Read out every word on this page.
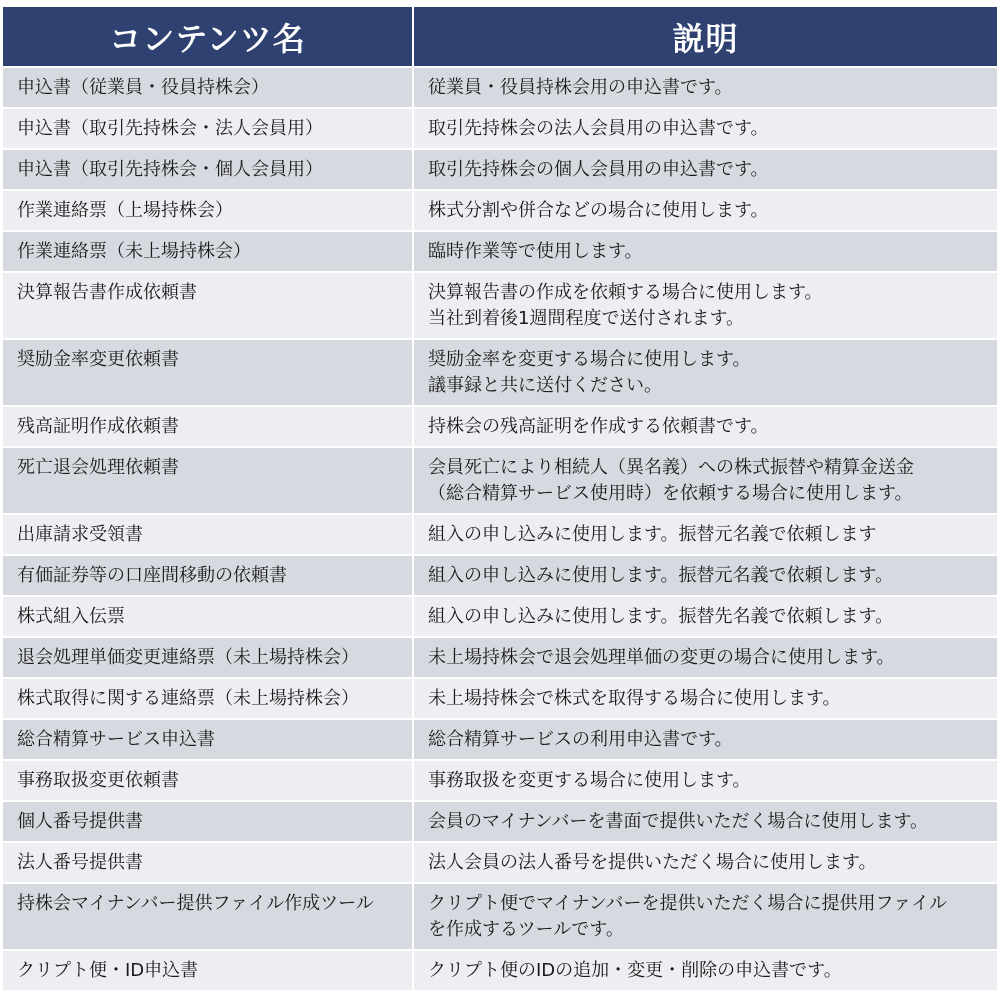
コンテンツ名	説明
申込書（従業員・役員持株会）	従業員・役員持株会用の申込書です。
申込書（取引先持株会・法人会員用）	取引先持株会の法人会員用の申込書です。
申込書（取引先持株会・個人会員用）	取引先持株会の個人会員用の申込書です。
作業連絡票（上場持株会）	株式分割や併合などの場合に使用します。
作業連絡票（未上場持株会）	臨時作業等で使用します。
決算報告書作成依頼書	決算報告書の作成を依頼する場合に使用します。
当社到着後1週間程度で送付されます。
奨励金率変更依頼書	奨励金率を変更する場合に使用します。
議事録と共に送付ください。
残高証明作成依頼書	持株会の残高証明を作成する依頼書です。
死亡退会処理依頼書	会員死亡により相続人（異名義）への株式振替や精算金送金
（総合精算サービス使用時）を依頼する場合に使用します。
出庫請求受領書	組入の申し込みに使用します。振替元名義で依頼します
有価証券等の口座間移動の依頼書	組入の申し込みに使用します。振替元名義で依頼します。
株式組入伝票	組入の申し込みに使用します。振替先名義で依頼します。
退会処理単価変更連絡票（未上場持株会）	未上場持株会で退会処理単価の変更の場合に使用します。
株式取得に関する連絡票（未上場持株会）	未上場持株会で株式を取得する場合に使用します。
総合精算サービス申込書	総合精算サービスの利用申込書です。
事務取扱変更依頼書	事務取扱を変更する場合に使用します。
個人番号提供書	会員のマイナンバーを書面で提供いただく場合に使用します。
法人番号提供書	法人会員の法人番号を提供いただく場合に使用します。
持株会マイナンバー提供ファイル作成ツール	クリプト便でマイナンバーを提供いただく場合に提供用ファイル
を作成するツールです。
クリプト便・ID申込書	クリプト便のIDの追加・変更・削除の申込書です。
